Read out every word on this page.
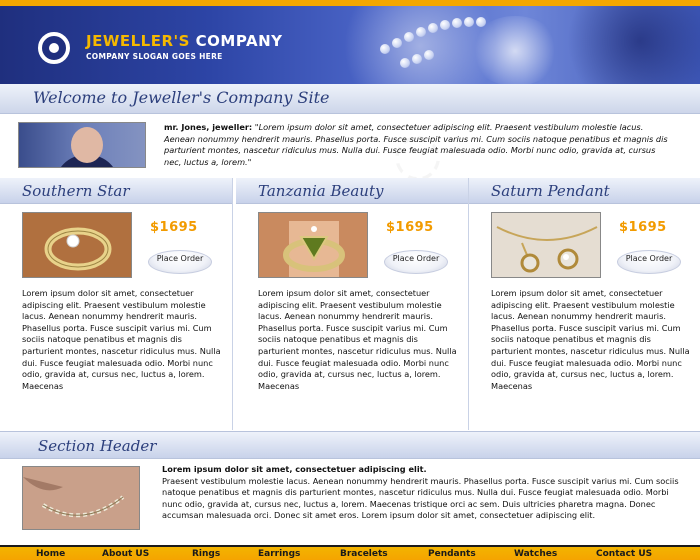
JEWELLER'S COMPANY
COMPANY SLOGAN GOES HERE
Welcome to Jeweller's Company Site
mr. Jones, jeweller: "Lorem ipsum dolor sit amet, consectetuer adipiscing elit. Praesent vestibulum molestie lacus. Aenean nonummy hendrerit mauris. Phasellus porta. Fusce suscipit varius mi. Cum sociis natoque penatibus et magnis dis parturient montes, nascetur ridiculus mus. Nulla dui. Fusce feugiat malesuada odio. Morbi nunc odio, gravida at, cursus nec, luctus a, lorem."	◌
Southern Star
$1695
Place Order
Lorem ipsum dolor sit amet, consectetuer adipiscing elit. Praesent vestibulum molestie lacus. Aenean nonummy hendrerit mauris. Phasellus porta. Fusce suscipit varius mi. Cum sociis natoque penatibus et magnis dis parturient montes, nascetur ridiculus mus. Nulla dui. Fusce feugiat malesuada odio. Morbi nunc odio, gravida at, cursus nec, luctus a, lorem. Maecenas
Tanzania Beauty
$1695
Place Order
Lorem ipsum dolor sit amet, consectetuer adipiscing elit. Praesent vestibulum molestie lacus. Aenean nonummy hendrerit mauris. Phasellus porta. Fusce suscipit varius mi. Cum sociis natoque penatibus et magnis dis parturient montes, nascetur ridiculus mus. Nulla dui. Fusce feugiat malesuada odio. Morbi nunc odio, gravida at, cursus nec, luctus a, lorem. Maecenas
Saturn Pendant
$1695
Place Order
Lorem ipsum dolor sit amet, consectetuer adipiscing elit. Praesent vestibulum molestie lacus. Aenean nonummy hendrerit mauris. Phasellus porta. Fusce suscipit varius mi. Cum sociis natoque penatibus et magnis dis parturient montes, nascetur ridiculus mus. Nulla dui. Fusce feugiat malesuada odio. Morbi nunc odio, gravida at, cursus nec, luctus a, lorem. Maecenas
Section Header
Lorem ipsum dolor sit amet, consectetuer adipiscing elit.
Praesent vestibulum molestie lacus. Aenean nonummy hendrerit mauris. Phasellus porta. Fusce suscipit varius mi. Cum sociis natoque penatibus et magnis dis parturient montes, nascetur ridiculus mus. Nulla dui. Fusce feugiat malesuada odio. Morbi nunc odio, gravida at, cursus nec, luctus a, lorem. Maecenas tristique orci ac sem. Duis ultricies pharetra magna. Donec accumsan malesuada orci. Donec sit amet eros. Lorem ipsum dolor sit amet, consectetuer adipiscing elit.
Home	About US	Rings	Earrings	Bracelets	Pendants	Watches	Contact US
